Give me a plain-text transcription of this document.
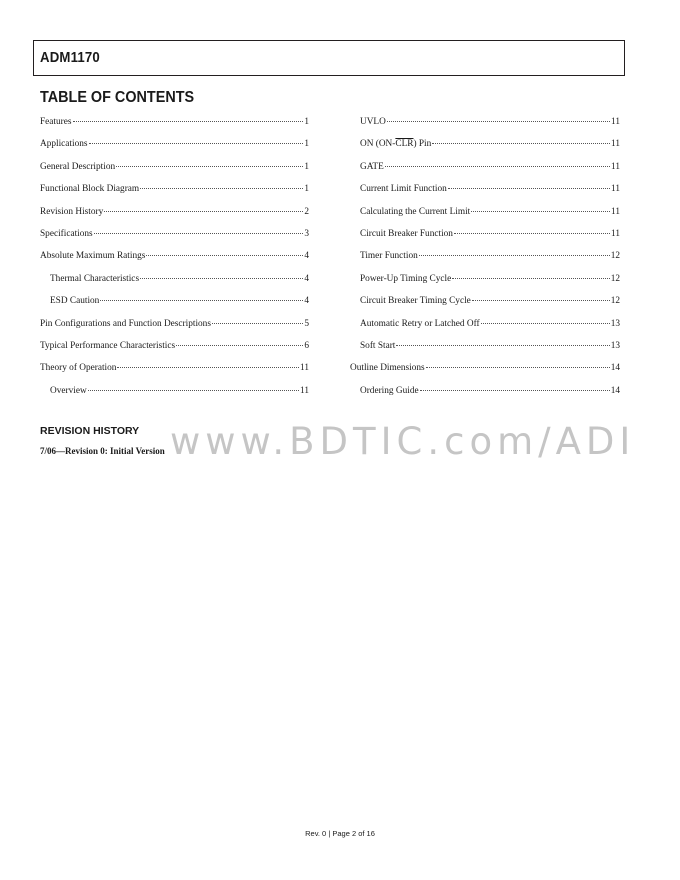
ADM1170
TABLE OF CONTENTS
Features	1
Applications	1
General Description	1
Functional Block Diagram	1
Revision History	2
Specifications	3
Absolute Maximum Ratings	4
Thermal Characteristics	4
ESD Caution	4
Pin Configurations and Function Descriptions	5
Typical Performance Characteristics	6
Theory of Operation	11
Overview	11
UVLO	11
ON $(ON-\overline{CLR})$ Pin	11
GATE	11
Current Limit Function	11
Calculating the Current Limit	11
Circuit Breaker Function	11
Timer Function	12
Power-Up Timing Cycle	12
Circuit Breaker Timing Cycle	12
Automatic Retry or Latched Off	13
Soft Start	13
Outline Dimensions	14
Ordering Guide	14
REVISION HISTORY
7/06—Revision 0: Initial Version www.BDTIC.com/ADI
Rev. 0 | Page 2 of 16
